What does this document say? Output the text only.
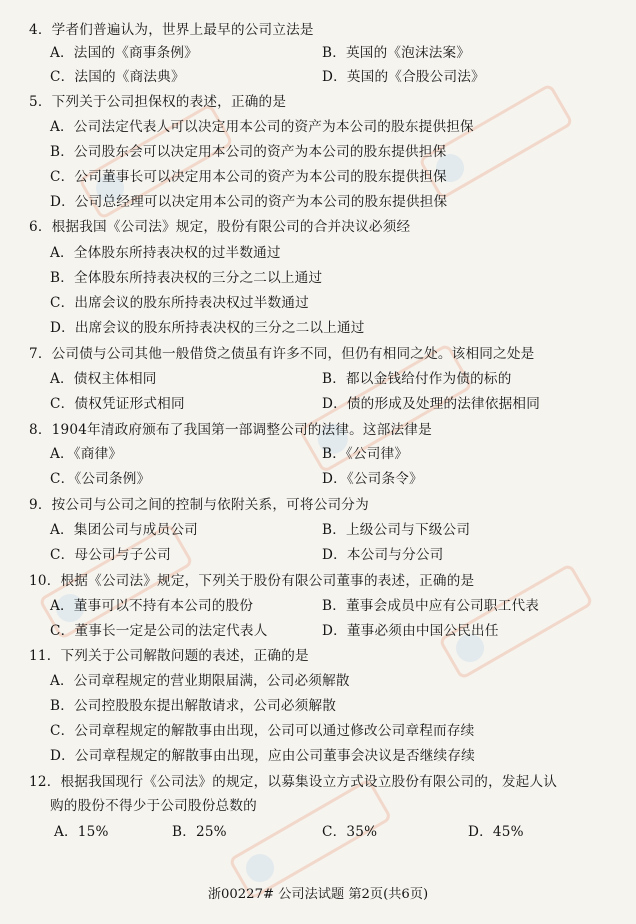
4．学者们普遍认为，世界上最早的公司立法是
A．法国的《商事条例》	B．英国的《泡沫法案》
C．法国的《商法典》	D．英国的《合股公司法》
5．下列关于公司担保权的表述，正确的是
A．公司法定代表人可以决定用本公司的资产为本公司的股东提供担保
B．公司股东会可以决定用本公司的资产为本公司的股东提供担保
C．公司董事长可以决定用本公司的资产为本公司的股东提供担保
D．公司总经理可以决定用本公司的资产为本公司的股东提供担保
6．根据我国《公司法》规定，股份有限公司的合并决议必须经
A．全体股东所持表决权的过半数通过
B．全体股东所持表决权的三分之二以上通过
C．出席会议的股东所持表决权过半数通过
D．出席会议的股东所持表决权的三分之二以上通过
7．公司债与公司其他一般借贷之债虽有许多不同，但仍有相同之处。该相同之处是
A．债权主体相同	B．都以金钱给付作为债的标的
C．债权凭证形式相同	D．债的形成及处理的法律依据相同
8．1904年清政府颁布了我国第一部调整公司的法律。这部法律是
A．《商律》	B．《公司律》
C．《公司条例》	D．《公司条令》
9．按公司与公司之间的控制与依附关系，可将公司分为
A．集团公司与成员公司	B．上级公司与下级公司
C．母公司与子公司	D．本公司与分公司
10．根据《公司法》规定，下列关于股份有限公司董事的表述，正确的是
A．董事可以不持有本公司的股份	B．董事会成员中应有公司职工代表
C．董事长一定是公司的法定代表人	D．董事必须由中国公民出任
11．下列关于公司解散问题的表述，正确的是
A．公司章程规定的营业期限届满，公司必须解散
B．公司控股股东提出解散请求，公司必须解散
C．公司章程规定的解散事由出现，公司可以通过修改公司章程而存续
D．公司章程规定的解散事由出现，应由公司董事会决议是否继续存续
12．根据我国现行《公司法》的规定，以募集设立方式设立股份有限公司的，发起人认
购的股份不得少于公司股份总数的
A．15%	B．25%	C．35%	D．45%
浙00227# 公司法试题 第2页(共6页)
